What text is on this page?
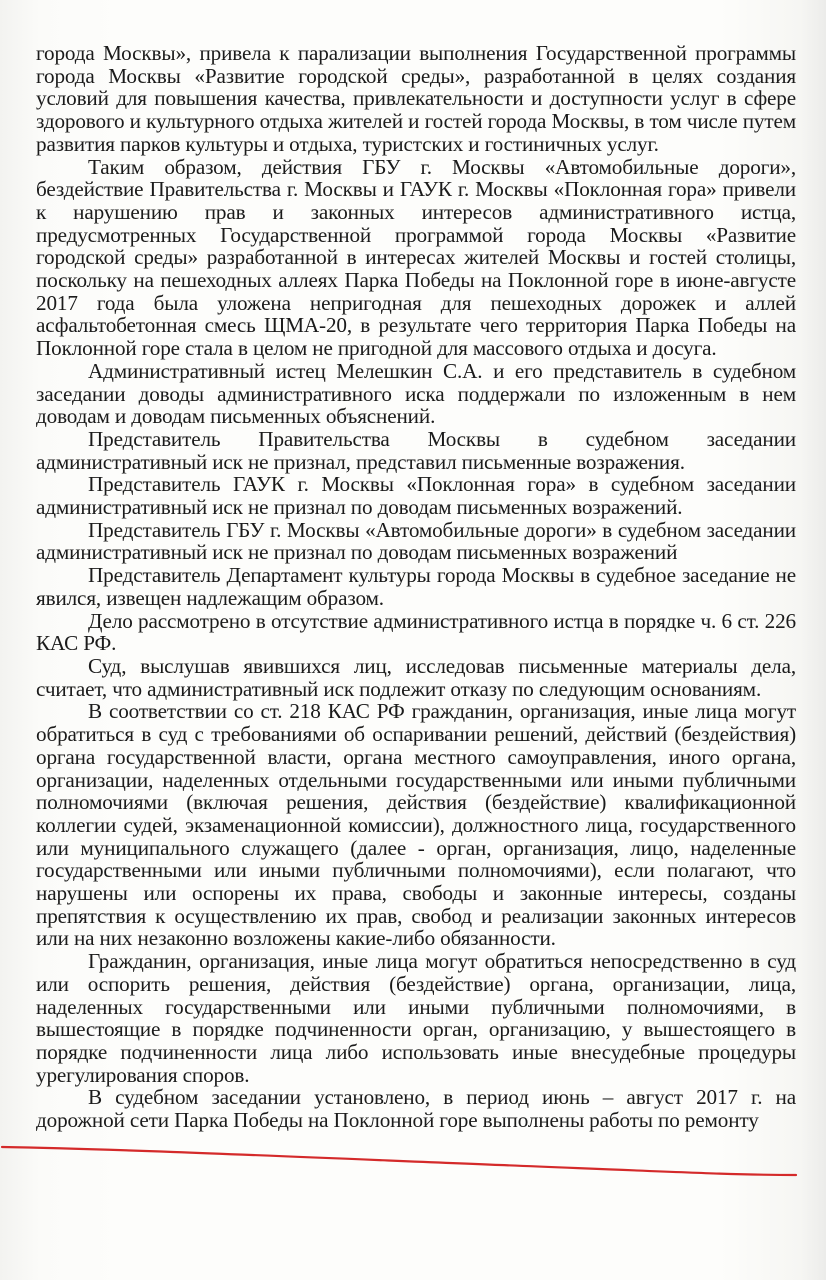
города Москвы», привела к парализации выполнения Государственной программы города Москвы «Развитие городской среды», разработанной в целях создания условий для повышения качества, привлекательности и доступности услуг в сфере здорового и культурного отдыха жителей и гостей города Москвы, в том числе путем развития парков культуры и отдыха, туристских и гостиничных услуг.

Таким образом, действия ГБУ г. Москвы «Автомобильные дороги», бездействие Правительства г. Москвы и ГАУК г. Москвы «Поклонная гора» привели к нарушению прав и законных интересов административного истца, предусмотренных Государственной программой города Москвы «Развитие городской среды» разработанной в интересах жителей Москвы и гостей столицы, поскольку на пешеходных аллеях Парка Победы на Поклонной горе в июне-августе 2017 года была уложена непригодная для пешеходных дорожек и аллей асфальтобетонная смесь ЩМА-20, в результате чего территория Парка Победы на Поклонной горе стала в целом не пригодной для массового отдыха и досуга.

Административный истец Мелешкин С.А. и его представитель в судебном заседании доводы административного иска поддержали по изложенным в нем доводам и доводам письменных объяснений.

Представитель Правительства Москвы в судебном заседании административный иск не признал, представил письменные возражения.

Представитель ГАУК г. Москвы «Поклонная гора» в судебном заседании административный иск не признал по доводам письменных возражений.

Представитель ГБУ г. Москвы «Автомобильные дороги» в судебном заседании административный иск не признал по доводам письменных возражений

Представитель Департамент культуры города Москвы в судебное заседание не явился, извещен надлежащим образом.

Дело рассмотрено в отсутствие административного истца в порядке ч. 6 ст. 226 КАС РФ.

Суд, выслушав явившихся лиц, исследовав письменные материалы дела, считает, что административный иск подлежит отказу по следующим основаниям.

В соответствии со ст. 218 КАС РФ гражданин, организация, иные лица могут обратиться в суд с требованиями об оспаривании решений, действий (бездействия) органа государственной власти, органа местного самоуправления, иного органа, организации, наделенных отдельными государственными или иными публичными полномочиями (включая решения, действия (бездействие) квалификационной коллегии судей, экзаменационной комиссии), должностного лица, государственного или муниципального служащего (далее - орган, организация, лицо, наделенные государственными или иными публичными полномочиями), если полагают, что нарушены или оспорены их права, свободы и законные интересы, созданы препятствия к осуществлению их прав, свобод и реализации законных интересов или на них незаконно возложены какие-либо обязанности.

Гражданин, организация, иные лица могут обратиться непосредственно в суд или оспорить решения, действия (бездействие) органа, организации, лица, наделенных государственными или иными публичными полномочиями, в вышестоящие в порядке подчиненности орган, организацию, у вышестоящего в порядке подчиненности лица либо использовать иные внесудебные процедуры урегулирования споров.

В судебном заседании установлено, в период июнь – август 2017 г. на дорожной сети Парка Победы на Поклонной горе выполнены работы по ремонту
